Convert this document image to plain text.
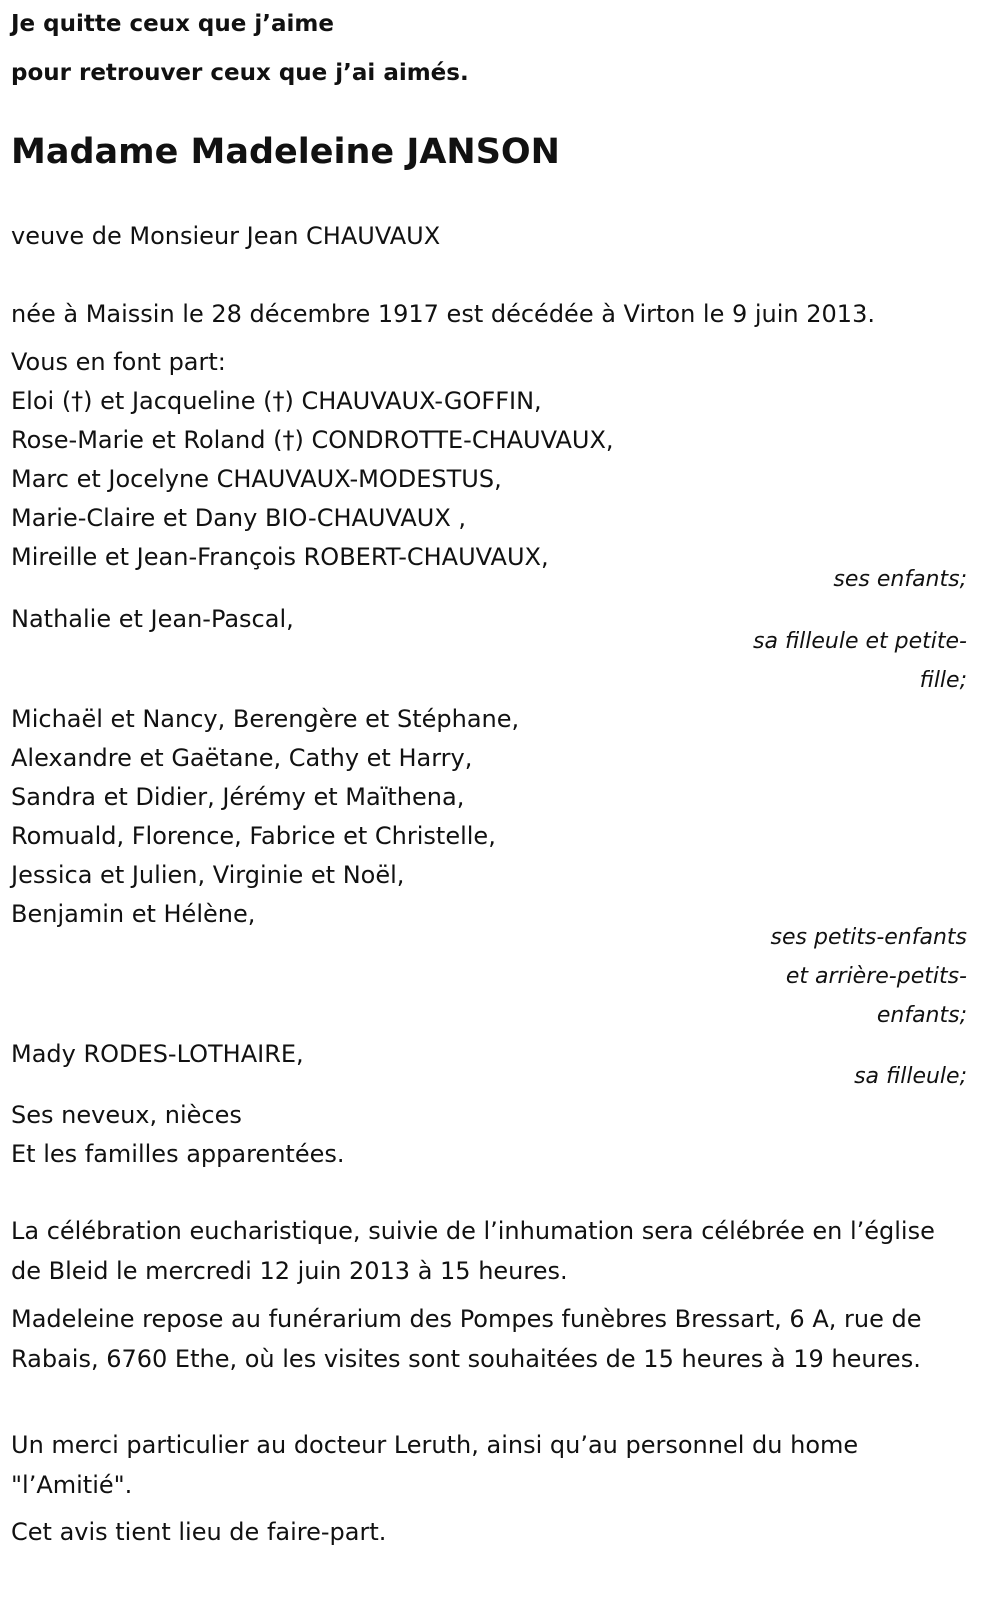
Je quitte ceux que j’aime
pour retrouver ceux que j’ai aimés.
Madame Madeleine JANSON
veuve de Monsieur Jean CHAUVAUX
née à Maissin le 28 décembre 1917 est décédée à Virton le 9 juin 2013.
Vous en font part:
Eloi (†) et Jacqueline (†) CHAUVAUX-GOFFIN,
Rose-Marie et Roland (†) CONDROTTE-CHAUVAUX,
Marc et Jocelyne CHAUVAUX-MODESTUS,
Marie-Claire et Dany BIO-CHAUVAUX ,
Mireille et Jean-François ROBERT-CHAUVAUX,
ses enfants;
Nathalie et Jean-Pascal,
sa filleule et petite-
fille;
Michaël et Nancy, Berengère et Stéphane,
Alexandre et Gaëtane, Cathy et Harry,
Sandra et Didier, Jérémy et Maïthena,
Romuald, Florence, Fabrice et Christelle,
Jessica et Julien, Virginie et Noël,
Benjamin et Hélène,
ses petits-enfants
et arrière-petits-
enfants;
Mady RODES-LOTHAIRE,
sa filleule;
Ses neveux, nièces
Et les familles apparentées.
La célébration eucharistique, suivie de l’inhumation sera célébrée en l’église de Bleid le mercredi 12 juin 2013 à 15 heures.
Madeleine repose au funérarium des Pompes funèbres Bressart, 6 A, rue de Rabais, 6760 Ethe, où les visites sont souhaitées de 15 heures à 19 heures.
Un merci particulier au docteur Leruth, ainsi qu’au personnel du home "l’Amitié".
Cet avis tient lieu de faire-part.
